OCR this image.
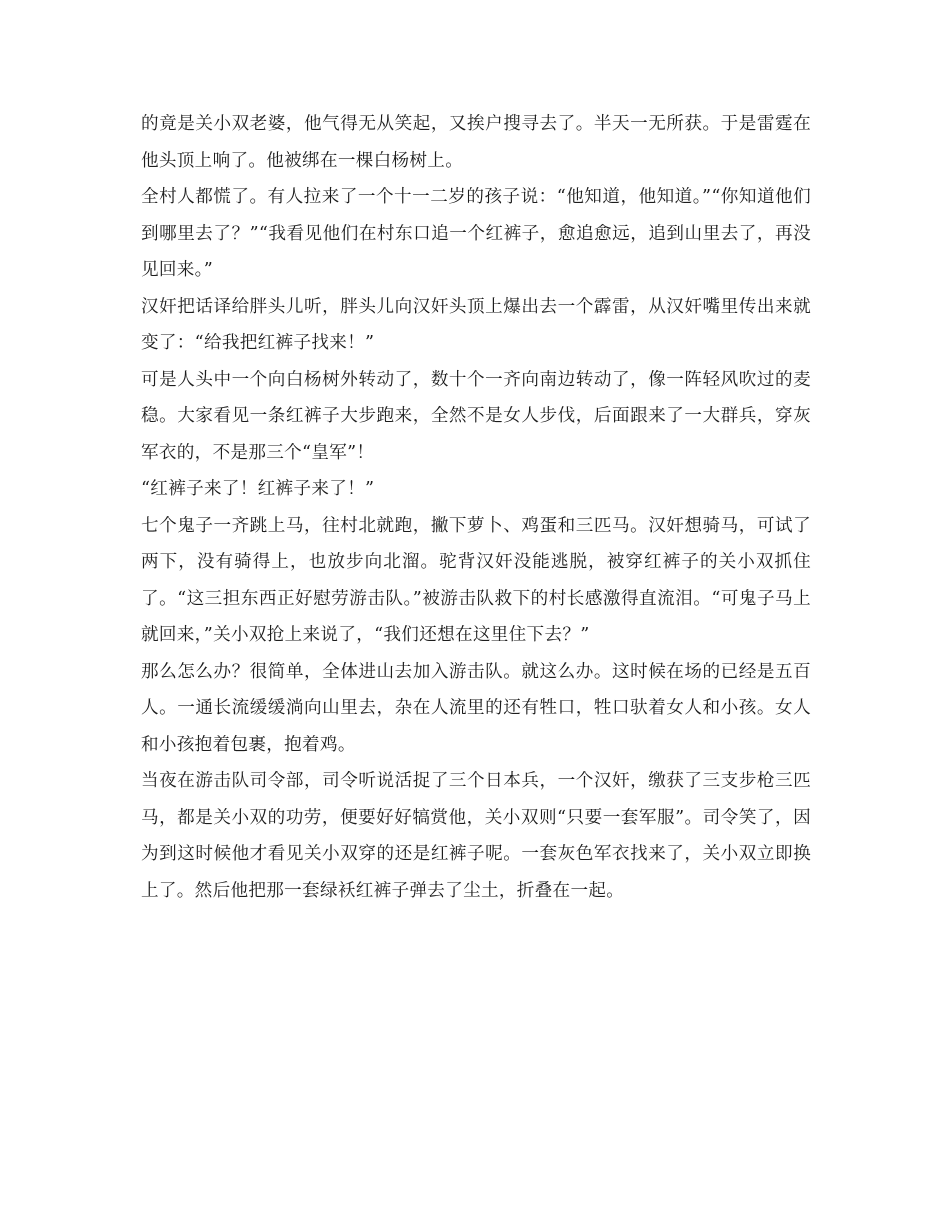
的竟是关小双老婆，他气得无从笑起，又挨户搜寻去了。半天一无所获。于是雷霆在他头顶上响了。他被绑在一棵白杨树上。

全村人都慌了。有人拉来了一个十一二岁的孩子说：“他知道，他知道。”“你知道他们到哪里去了？”“我看见他们在村东口追一个红裤子，愈追愈远，追到山里去了，再没见回来。”

汉奸把话译给胖头儿听，胖头儿向汉奸头顶上爆出去一个霹雷，从汉奸嘴里传出来就变了：“给我把红裤子找来！”

可是人头中一个向白杨树外转动了，数十个一齐向南边转动了，像一阵轻风吹过的麦稳。大家看见一条红裤子大步跑来，全然不是女人步伐，后面跟来了一大群兵，穿灰军衣的，不是那三个“皇军”！

“红裤子来了！红裤子来了！”

七个鬼子一齐跳上马，往村北就跑，撇下萝卜、鸡蛋和三匹马。汉奸想骑马，可试了两下，没有骑得上，也放步向北溜。驼背汉奸没能逃脱，被穿红裤子的关小双抓住了。“这三担东西正好慰劳游击队。”被游击队救下的村长感激得直流泪。“可鬼子马上就回来，”关小双抢上来说了，“我们还想在这里住下去？”

那么怎么办？很简单，全体进山去加入游击队。就这么办。这时候在场的已经是五百人。一通长流缓缓淌向山里去，杂在人流里的还有牲口，牲口驮着女人和小孩。女人和小孩抱着包裹，抱着鸡。

当夜在游击队司令部，司令听说活捉了三个日本兵，一个汉奸，缴获了三支步枪三匹马，都是关小双的功劳，便要好好犒赏他，关小双则“只要一套军服”。司令笑了，因为到这时候他才看见关小双穿的还是红裤子呢。一套灰色军衣找来了，关小双立即换上了。然后他把那一套绿袄红裤子弹去了尘土，折叠在一起。
